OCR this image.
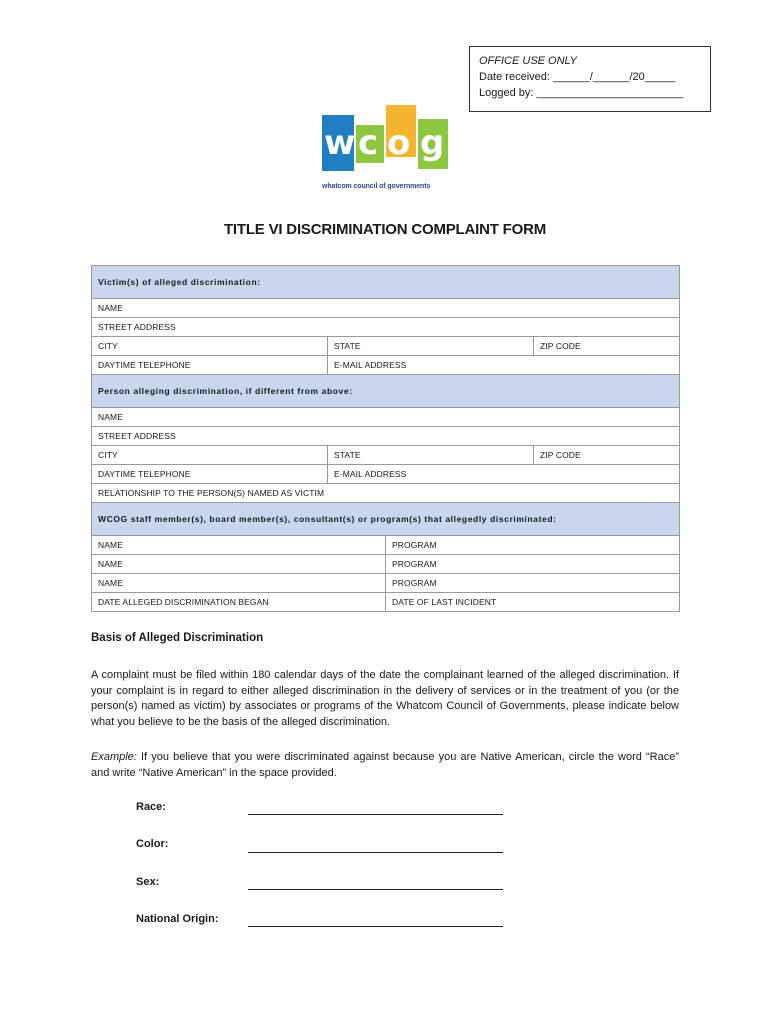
OFFICE USE ONLY
Date received: ______/______/20_____
Logged by: ________________________
w c o g
whatcom council of governments
TITLE VI DISCRIMINATION COMPLAINT FORM
Victim(s) of alleged discrimination:			
NAME			
STREET ADDRESS			
CITY	STATE		ZIP CODE
DAYTIME TELEPHONE	E-MAIL ADDRESS		
Person alleging discrimination, if different from above:			
NAME			
STREET ADDRESS			
CITY	STATE		ZIP CODE
DAYTIME TELEPHONE	E-MAIL ADDRESS		
RELATIONSHIP TO THE PERSON(S) NAMED AS VICTIM			
WCOG staff member(s), board member(s), consultant(s) or program(s) that allegedly discriminated:			
NAME		PROGRAM	
NAME		PROGRAM	
NAME		PROGRAM	
DATE ALLEGED DISCRIMINATION BEGAN		DATE OF LAST INCIDENT	
Basis of Alleged Discrimination

A complaint must be filed within 180 calendar days of the date the complainant learned of the alleged discrimination. If your complaint is in regard to either alleged discrimination in the delivery of services or in the treatment of you (or the person(s) named as victim) by associates or programs of the Whatcom Council of Governments, please indicate below what you believe to be the basis of the alleged discrimination.

Example: If you believe that you were discriminated against because you are Native American, circle the word “Race” and write “Native American” in the space provided.

Race:
Color:
Sex:
National Origin:
